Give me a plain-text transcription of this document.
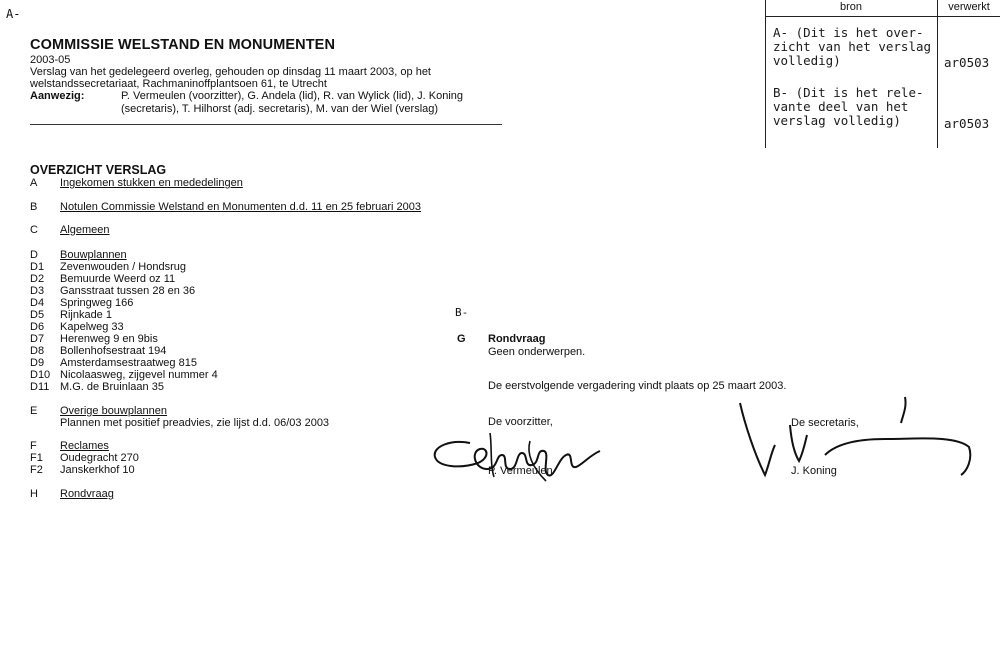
A-
COMMISSIE WELSTAND EN MONUMENTEN
2003-05
Verslag van het gedelegeerd overleg, gehouden op dinsdag 11 maart 2003, op het
welstandssecretariaat, Rachmaninoffplantsoen 61, te Utrecht
Aanwezig:	P. Vermeulen (voorzitter), G. Andela (lid), R. van Wylick (lid), J. Koning
(secretaris), T. Hilhorst (adj. secretaris), M. van der Wiel (verslag)
bron	verwerkt
A- (Dit is het over-
zicht van het verslag
volledig)	ar0503
B- (Dit is het rele-
vante deel van het
verslag volledig)	ar0503
OVERZICHT VERSLAG
A Ingekomen stukken en mededelingen
B Notulen Commissie Welstand en Monumenten d.d. 11 en 25 februari 2003
C Algemeen
D Bouwplannen
D1 Zevenwouden / Hondsrug
D2 Bemuurde Weerd oz 11
D3 Gansstraat tussen 28 en 36
D4 Springweg 166
D5 Rijnkade 1
D6 Kapelweg 33
D7 Herenweg 9 en 9bis
D8 Bollenhofsestraat 194
D9 Amsterdamsestraatweg 815
D10 Nicolaasweg, zijgevel nummer 4
D11 M.G. de Bruinlaan 35
E Overige bouwplannen
Plannen met positief preadvies, zie lijst d.d. 06/03 2003
F Reclames
F1 Oudegracht 270
F2 Janskerkhof 10
H Rondvraag
B-
G Rondvraag
Geen onderwerpen.
De eerstvolgende vergadering vindt plaats op 25 maart 2003.
De voorzitter,
P. Vermeulen
De secretaris,
J. Koning
